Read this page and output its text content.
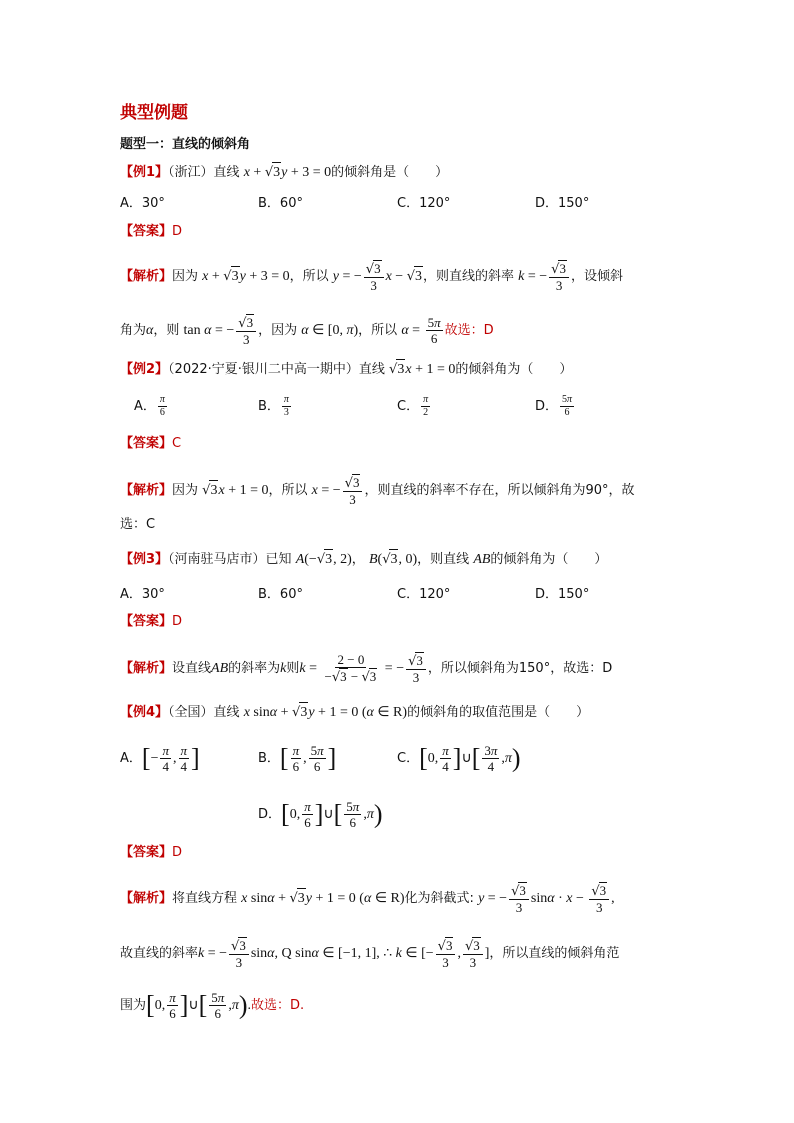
典型例题
题型一：直线的倾斜角
【例1】（浙江）直线 x + √3y + 3 = 0的倾斜角是（　　）
A．30°	B．60°	C．120°	D．150°
【答案】D
【解析】因为 x + √3y + 3 = 0，所以 y = − $\frac{√3}{3}$ x − √3，则直线的斜率 k = − $\frac{√3}{3}$ ，设倾斜
角为α，则 tan α = − $\frac{√3}{3}$ ，因为 α ∈ [0, π)，所以 $\alpha = \frac{5\pi}{6}$ 故选：D
【例2】（2022·宁夏·银川二中高一期中）直线 √3x + 1 = 0的倾斜角为（　　）
A． $\frac{\pi}{6}$	B． $\frac{\pi}{3}$	C． $\frac{\pi}{2}$	D． $\frac{5\pi}{6}$
【答案】C
【解析】因为 √3x + 1 = 0，所以 x = − $\frac{√3}{3}$ ，则直线的斜率不存在，所以倾斜角为90°，故
选：C
【例3】（河南驻马店市）已知 A(−√3, 2)， B(√3, 0)，则直线 AB的倾斜角为（　　）
A．30°	B．60°	C．120°	D．150°
【答案】D
【解析】设直线AB的斜率为k则$k = \frac{2 - 0}{-√3 - √3}$ = − $\frac{√3}{3}$ ，所以倾斜角为150°，故选：D
【例4】（全国）直线 x sinα + √3y + 1 = 0 (α ∈ R)的倾斜角的取值范围是（　　）
A．[− $\frac{\pi}{4}$ , $\frac{\pi}{4}$ ]	B．[ $\frac{\pi}{6}$ , $\frac{5\pi}{6}$ ]	C．[0, $\frac{\pi}{4}$ ]∪[ $\frac{3\pi}{4} ,\pi$)
D．[0, $\frac{\pi}{6}$ ]∪[ $\frac{5\pi}{6} ,\pi$)
【答案】D
【解析】将直线方程 x sinα + √3y + 1 = 0 (α ∈ R)化为斜截式: y = − $\frac{√3}{3}$ $\sin\alpha \cdot x - \frac{√3}{3}$ ,
故直线的斜率k = − $\frac{√3}{3} \sin\alpha$, Q sinα ∈ [−1, 1], ∴ k ∈ [− $\frac{√3}{3}$ , $\frac{√3}{3}$ ]，所以直线的倾斜角范
围为[0, $\frac{\pi}{6}$ ]∪[ $\frac{5\pi}{6} ,\pi$).故选：D.
